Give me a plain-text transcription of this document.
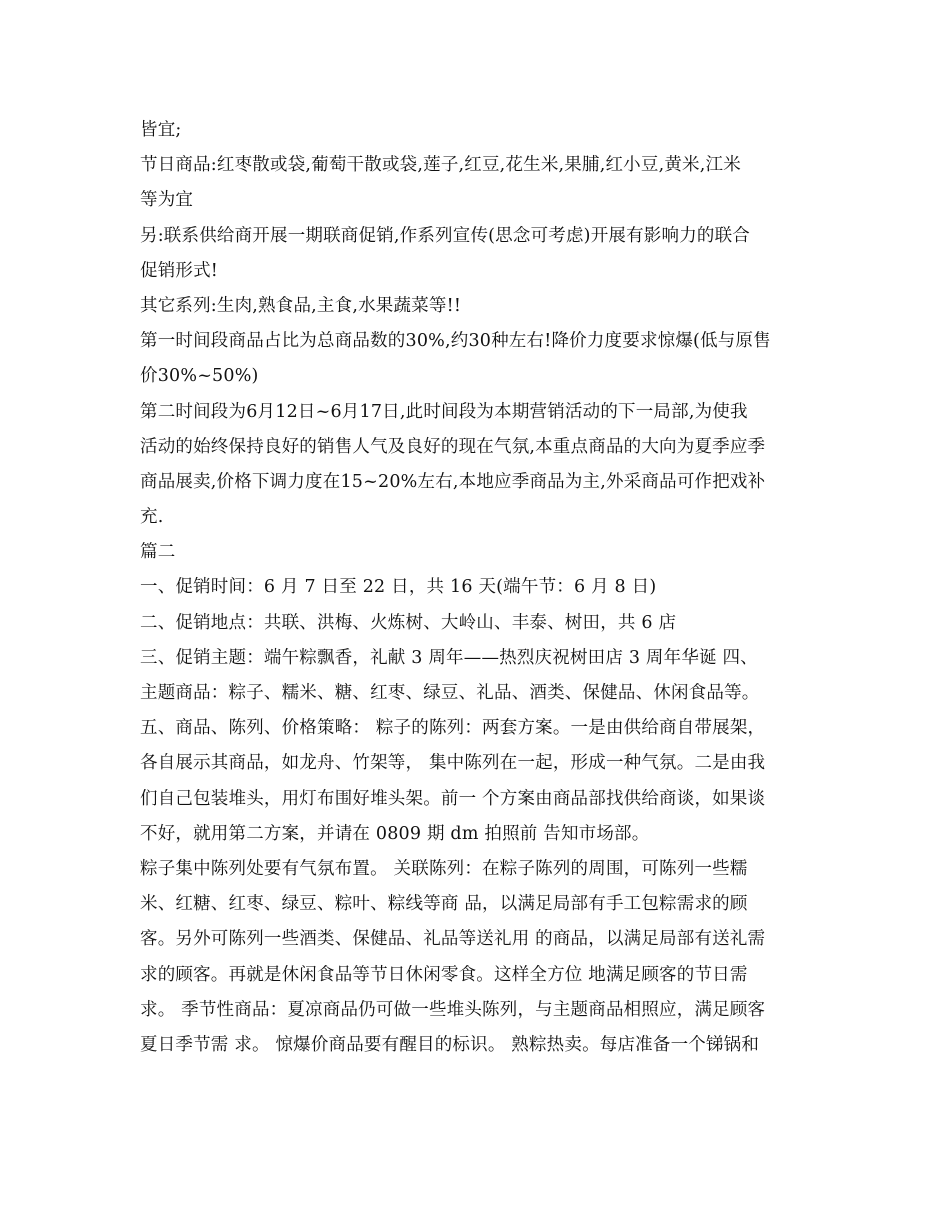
皆宜;
节日商品:红枣散或袋,葡萄干散或袋,莲子,红豆,花生米,果脯,红小豆,黄米,江米
等为宜
另:联系供给商开展一期联商促销,作系列宣传(思念可考虑)开展有影响力的联合
促销形式!
其它系列:生肉,熟食品,主食,水果蔬菜等!!
第一时间段商品占比为总商品数的30%,约30种左右!降价力度要求惊爆(低与原售
价30%~50%)
第二时间段为6月12日~6月17日,此时间段为本期营销活动的下一局部,为使我
活动的始终保持良好的销售人气及良好的现在气氛,本重点商品的大向为夏季应季
商品展卖,价格下调力度在15~20%左右,本地应季商品为主,外采商品可作把戏补
充.
篇二
一、促销时间：6 月 7 日至 22 日，共 16 天(端午节：6 月 8 日)
二、促销地点：共联、洪梅、火炼树、大岭山、丰泰、树田，共 6 店
三、促销主题：端午粽飘香，礼献 3 周年——热烈庆祝树田店 3 周年华诞 四、
主题商品：粽子、糯米、糖、红枣、绿豆、礼品、酒类、保健品、休闲食品等。
五、商品、陈列、价格策略： 粽子的陈列：两套方案。一是由供给商自带展架，
各自展示其商品，如龙舟、竹架等， 集中陈列在一起，形成一种气氛。二是由我
们自己包装堆头，用灯布围好堆头架。前一 个方案由商品部找供给商谈，如果谈
不好，就用第二方案，并请在 0809 期 dm 拍照前 告知市场部。
粽子集中陈列处要有气氛布置。 关联陈列：在粽子陈列的周围，可陈列一些糯
米、红糖、红枣、绿豆、粽叶、粽线等商 品，以满足局部有手工包粽需求的顾
客。另外可陈列一些酒类、保健品、礼品等送礼用 的商品，以满足局部有送礼需
求的顾客。再就是休闲食品等节日休闲零食。这样全方位 地满足顾客的节日需
求。 季节性商品：夏凉商品仍可做一些堆头陈列，与主题商品相照应，满足顾客
夏日季节需 求。 惊爆价商品要有醒目的标识。 熟粽热卖。每店准备一个锑锅和
